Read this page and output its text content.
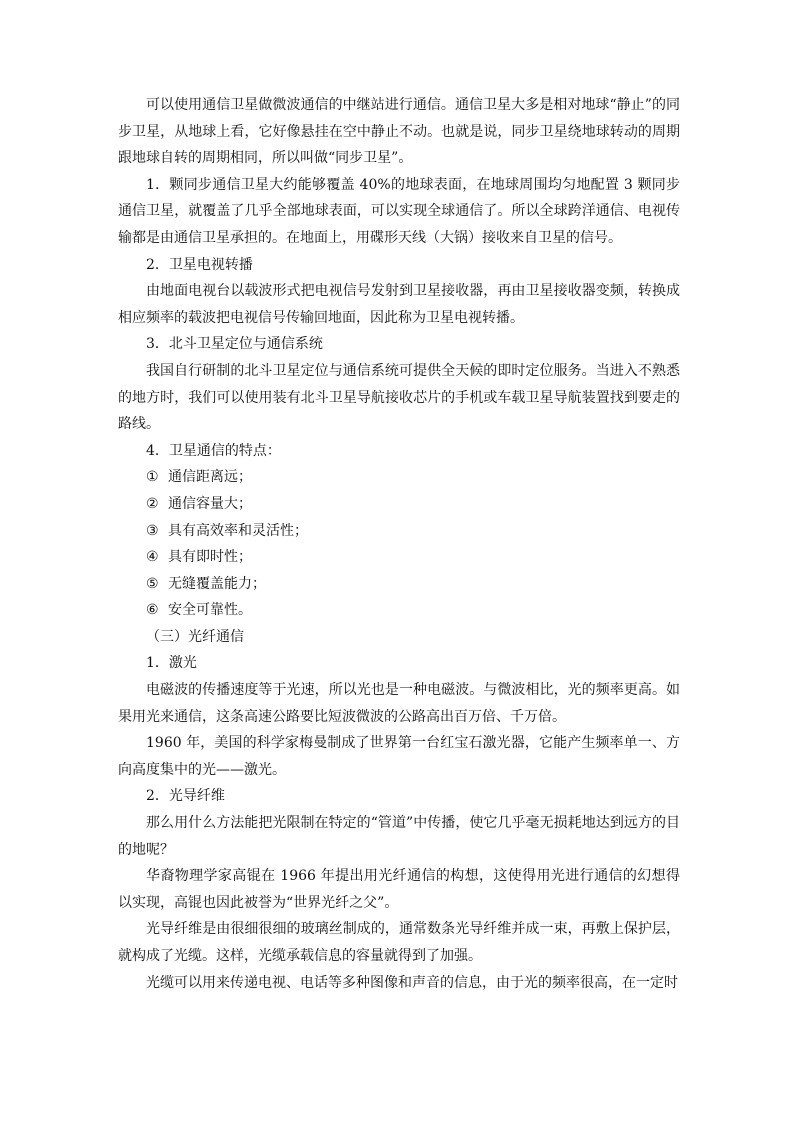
可以使用通信卫星做微波通信的中继站进行通信。通信卫星大多是相对地球“静止”的同步卫星，从地球上看，它好像悬挂在空中静止不动。也就是说，同步卫星绕地球转动的周期跟地球自转的周期相同，所以叫做“同步卫星”。

1．颗同步通信卫星大约能够覆盖 40%的地球表面，在地球周围均匀地配置 3 颗同步通信卫星，就覆盖了几乎全部地球表面，可以实现全球通信了。所以全球跨洋通信、电视传输都是由通信卫星承担的。在地面上，用碟形天线（大锅）接收来自卫星的信号。

2．卫星电视转播

由地面电视台以载波形式把电视信号发射到卫星接收器，再由卫星接收器变频，转换成相应频率的载波把电视信号传输回地面，因此称为卫星电视转播。

3．北斗卫星定位与通信系统

我国自行研制的北斗卫星定位与通信系统可提供全天候的即时定位服务。当进入不熟悉的地方时，我们可以使用装有北斗卫星导航接收芯片的手机或车载卫星导航装置找到要走的路线。

4．卫星通信的特点：

① 通信距离远；
② 通信容量大；
③ 具有高效率和灵活性；
④ 具有即时性；
⑤ 无缝覆盖能力；
⑥ 安全可靠性。

（三）光纤通信

1．激光

电磁波的传播速度等于光速，所以光也是一种电磁波。与微波相比，光的频率更高。如果用光来通信，这条高速公路要比短波微波的公路高出百万倍、千万倍。

1960 年，美国的科学家梅曼制成了世界第一台红宝石激光器，它能产生频率单一、方向高度集中的光——激光。

2．光导纤维

那么用什么方法能把光限制在特定的“管道”中传播，使它几乎毫无损耗地达到远方的目的地呢？

华裔物理学家高锟在 1966 年提出用光纤通信的构想，这使得用光进行通信的幻想得以实现，高锟也因此被誉为“世界光纤之父”。

光导纤维是由很细很细的玻璃丝制成的，通常数条光导纤维并成一束，再敷上保护层，就构成了光缆。这样，光缆承载信息的容量就得到了加强。

光缆可以用来传递电视、电话等多种图像和声音的信息，由于光的频率很高，在一定时
